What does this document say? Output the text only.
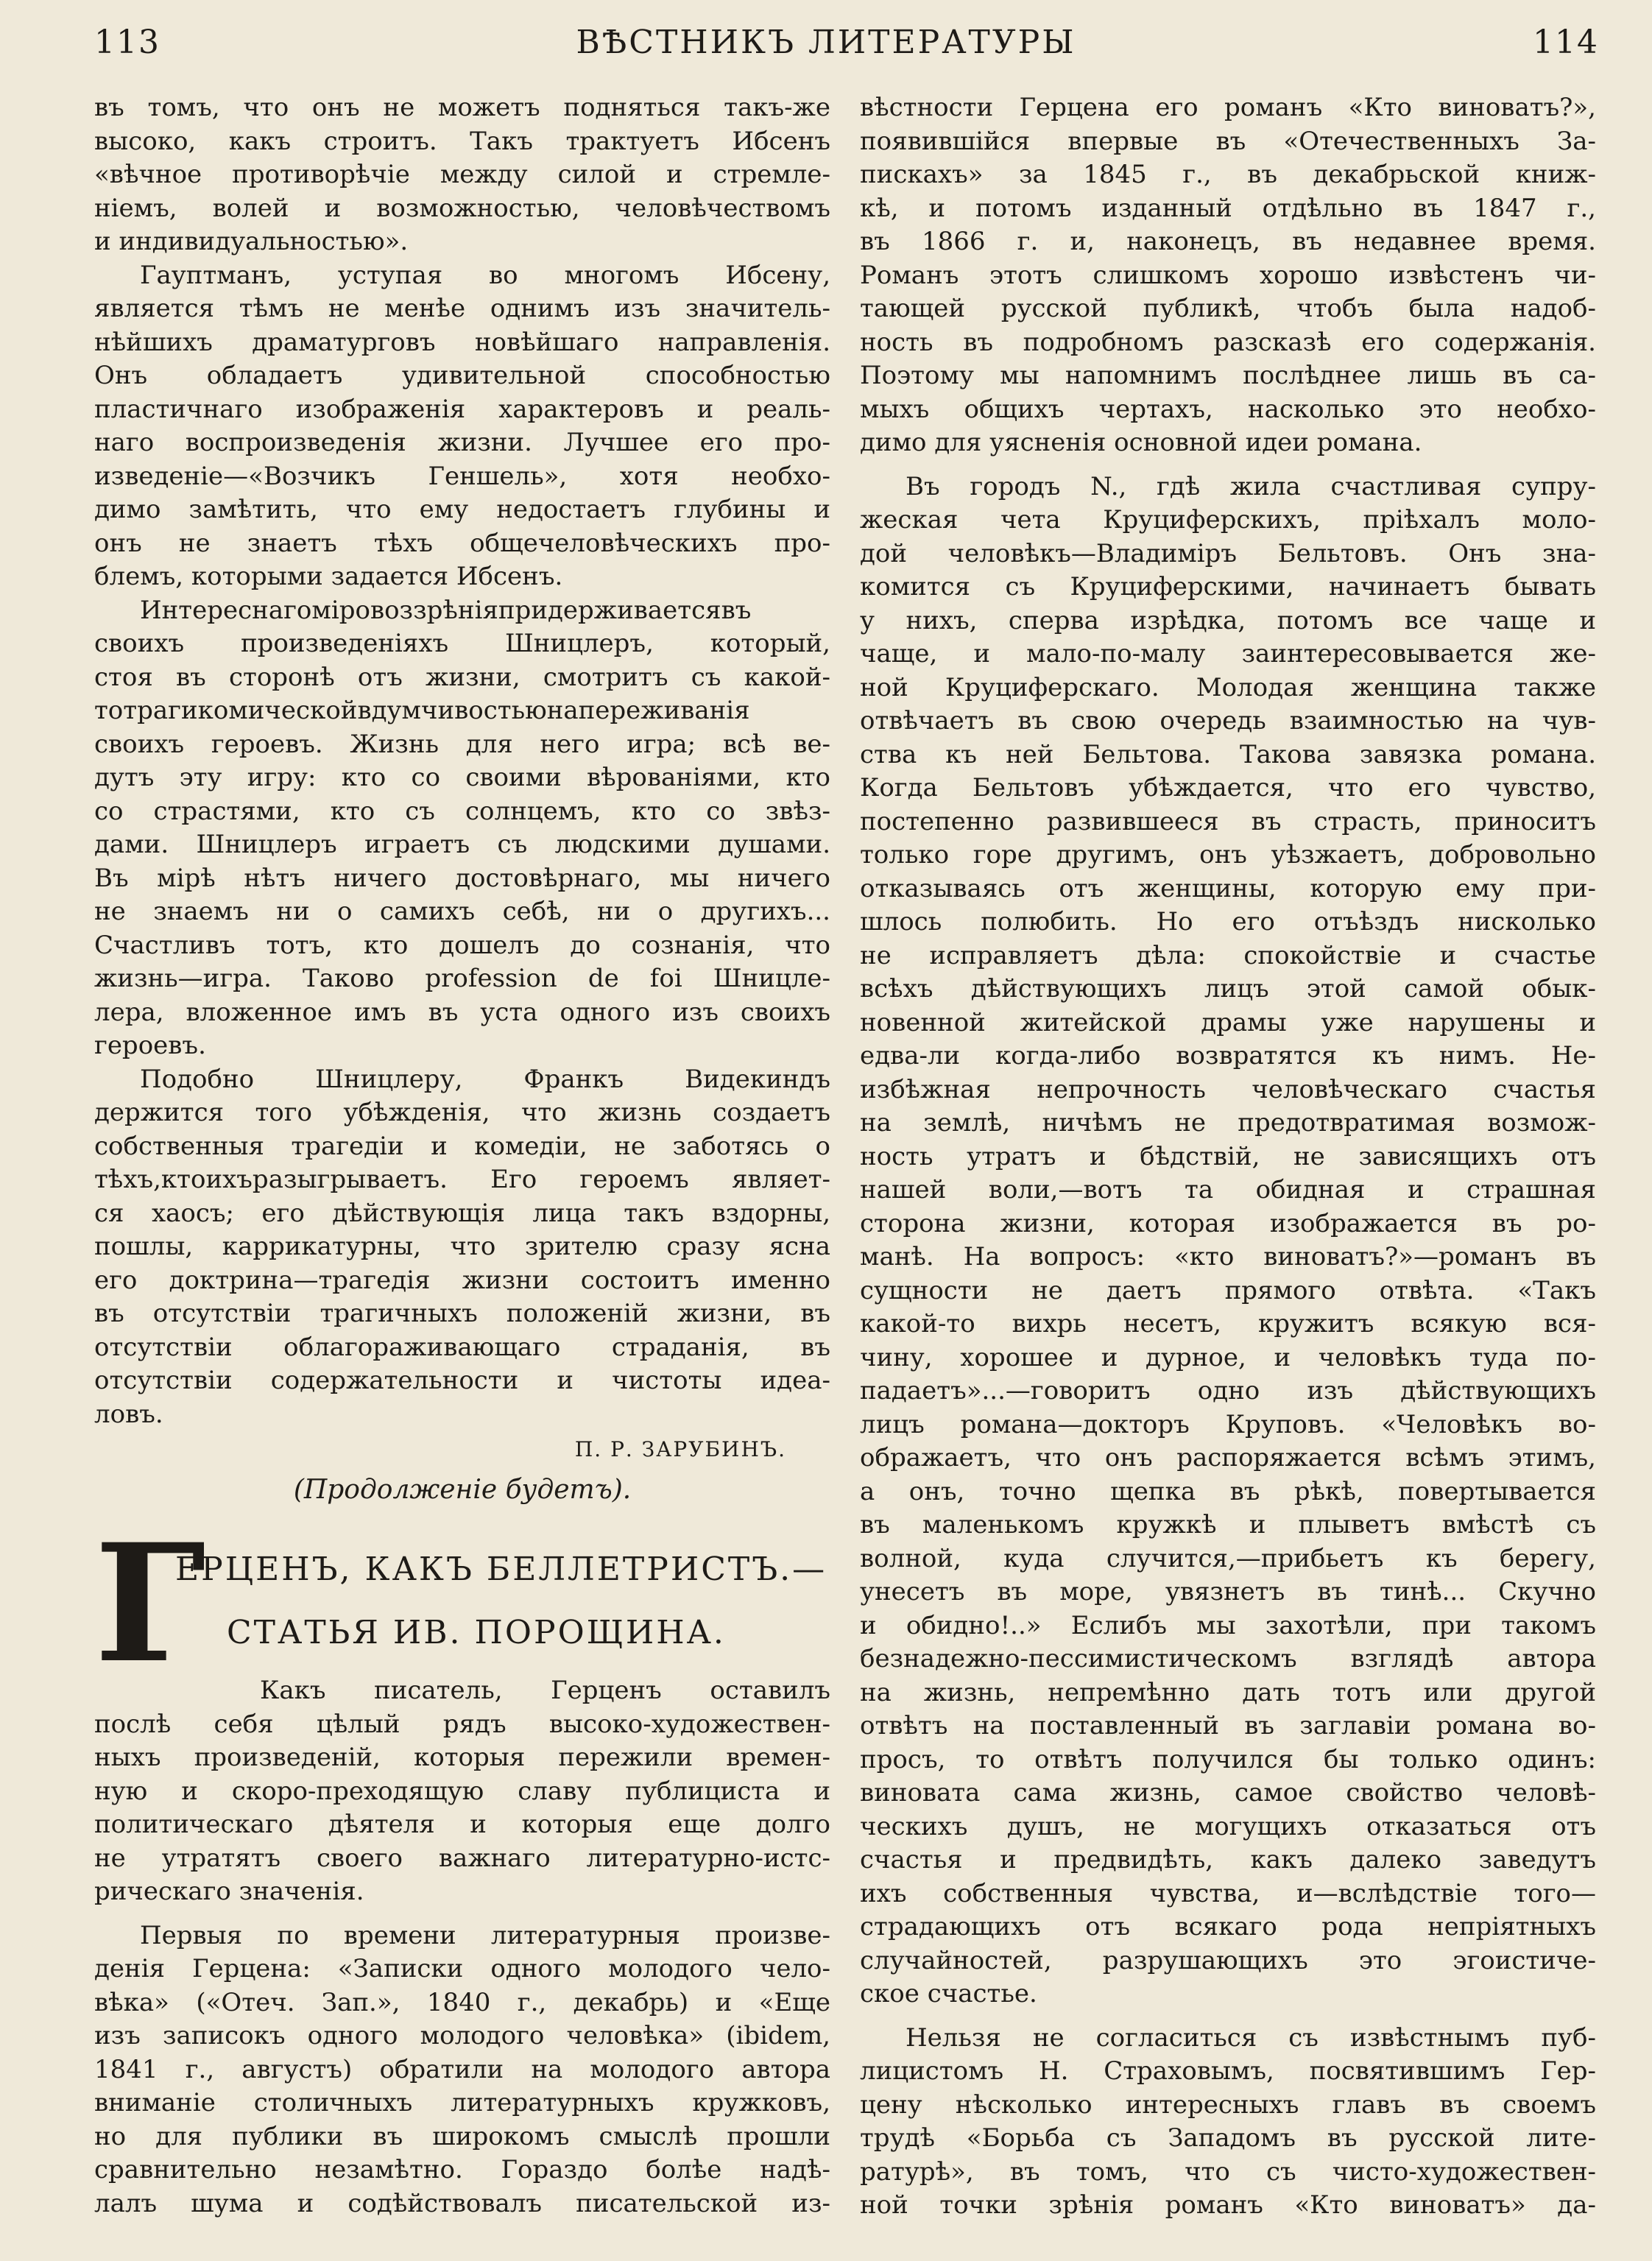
113	ВѢСТНИКЪ ЛИТЕРАТУРЫ	114
въ томъ, что онъ не можетъ подняться такъ-же
высоко, какъ строитъ. Такъ трактуетъ Ибсенъ
«вѣчное противорѣчіе между силой и стремле-
ніемъ, волей и возможностью, человѣчествомъ
и индивидуальностью».
Гауптманъ, уступая во многомъ Ибсену,
является тѣмъ не менѣе однимъ изъ значитель-
нѣйшихъ драматурговъ новѣйшаго направленія.
Онъ обладаетъ удивительной способностью
пластичнаго изображенія характеровъ и реаль-
наго воспроизведенія жизни. Лучшее его про-
изведеніе—«Возчикъ Геншель», хотя необхо-
димо замѣтить, что ему недостаетъ глубины и
онъ не знаетъ тѣхъ общечеловѣческихъ про-
блемъ, которыми задается Ибсенъ.
Интереснагоміровоззрѣніяпридерживаетсявъ
своихъ произведеніяхъ Шницлеръ, который,
стоя въ сторонѣ отъ жизни, смотритъ съ какой-
тотрагикомическойвдумчивостьюнапереживанія
своихъ героевъ. Жизнь для него игра; всѣ ве-
дутъ эту игру: кто со своими вѣрованіями, кто
со страстями, кто съ солнцемъ, кто со звѣз-
дами. Шницлеръ играетъ съ людскими душами.
Въ мірѣ нѣтъ ничего достовѣрнаго, мы ничего
не знаемъ ни о самихъ себѣ, ни о другихъ...
Счастливъ тотъ, кто дошелъ до сознанія, что
жизнь—игра. Таково profession de foi Шницле-
лера, вложенное имъ въ уста одного изъ своихъ
героевъ.
Подобно Шницлеру, Франкъ Видекиндъ
держится того убѣжденія, что жизнь создаетъ
собственныя трагедіи и комедіи, не заботясь о
тѣхъ,ктоихъразыгрываетъ. Его героемъ являет-
ся хаосъ; его дѣйствующія лица такъ вздорны,
пошлы, каррикатурны, что зрителю сразу ясна
его доктрина—трагедія жизни состоитъ именно
въ отсутствіи трагичныхъ положеній жизни, въ
отсутствіи облагораживающаго страданія, въ
отсутствіи содержательности и чистоты идеа-
ловъ.
П. Р. ЗАРУБИНЪ.
(Продолженіе будетъ).
Г
ЕРЦЕНЪ, КАКЪ БЕЛЛЕТРИСТЪ.—
СТАТЬЯ ИВ. ПОРОЩИНА.
Какъ писатель, Герценъ оставилъ
послѣ себя цѣлый рядъ высоко-художествен-
ныхъ произведеній, которыя пережили времен-
ную и скоро-преходящую славу публициста и
политическаго дѣятеля и которыя еще долго
не утратятъ своего важнаго литературно-истс-
рическаго значенія.
Первыя по времени литературныя произве-
денія Герцена: «Записки одного молодого чело-
вѣка» («Отеч. Зап.», 1840 г., декабрь) и «Еще
изъ записокъ одного молодого человѣка» (ibidem,
1841 г., августъ) обратили на молодого автора
вниманіе столичныхъ литературныхъ кружковъ,
но для публики въ широкомъ смыслѣ прошли
сравнительно незамѣтно. Гораздо болѣе надѣ-
лалъ шума и содѣйствовалъ писательской из-
вѣстности Герцена его романъ «Кто виноватъ?»,
появившійся впервые въ «Отечественныхъ За-
пискахъ» за 1845 г., въ декабрьской книж-
кѣ, и потомъ изданный отдѣльно въ 1847 г.,
въ 1866 г. и, наконецъ, въ недавнее время.
Романъ этотъ слишкомъ хорошо извѣстенъ чи-
тающей русской публикѣ, чтобъ была надоб-
ность въ подробномъ разсказѣ его содержанія.
Поэтому мы напомнимъ послѣднее лишь въ са-
мыхъ общихъ чертахъ, насколько это необхо-
димо для уясненія основной идеи романа.
Въ городъ N., гдѣ жила счастливая супру-
жеская чета Круциферскихъ, пріѣхалъ моло-
дой человѣкъ—Владиміръ Бельтовъ. Онъ зна-
комится съ Круциферскими, начинаетъ бывать
у нихъ, сперва изрѣдка, потомъ все чаще и
чаще, и мало-по-малу заинтересовывается же-
ной Круциферскаго. Молодая женщина также
отвѣчаетъ въ свою очередь взаимностью на чув-
ства къ ней Бельтова. Такова завязка романа.
Когда Бельтовъ убѣждается, что его чувство,
постепенно развившееся въ страсть, приноситъ
только горе другимъ, онъ уѣзжаетъ, добровольно
отказываясь отъ женщины, которую ему при-
шлось полюбить. Но его отъѣздъ нисколько
не исправляетъ дѣла: спокойствіе и счастье
всѣхъ дѣйствующихъ лицъ этой самой обык-
новенной житейской драмы уже нарушены и
едва-ли когда-либо возвратятся къ нимъ. Не-
избѣжная непрочность человѣческаго счастья
на землѣ, ничѣмъ не предотвратимая возмож-
ность утратъ и бѣдствій, не зависящихъ отъ
нашей воли,—вотъ та обидная и страшная
сторона жизни, которая изображается въ ро-
манѣ. На вопросъ: «кто виноватъ?»—романъ въ
сущности не даетъ прямого отвѣта. «Такъ
какой-то вихрь несетъ, кружитъ всякую вся-
чину, хорошее и дурное, и человѣкъ туда по-
падаетъ»...—говоритъ одно изъ дѣйствующихъ
лицъ романа—докторъ Круповъ. «Человѣкъ во-
ображаетъ, что онъ распоряжается всѣмъ этимъ,
а онъ, точно щепка въ рѣкѣ, повертывается
въ маленькомъ кружкѣ и плыветъ вмѣстѣ съ
волной, куда случится,—прибьетъ къ берегу,
унесетъ въ море, увязнетъ въ тинѣ... Скучно
и обидно!..» Еслибъ мы захотѣли, при такомъ
безнадежно-пессимистическомъ взглядѣ автора
на жизнь, непремѣнно дать тотъ или другой
отвѣтъ на поставленный въ заглавіи романа во-
просъ, то отвѣтъ получился бы только одинъ:
виновата сама жизнь, самое свойство человѣ-
ческихъ душъ, не могущихъ отказаться отъ
счастья и предвидѣть, какъ далеко заведутъ
ихъ собственныя чувства, и—вслѣдствіе того—
страдающихъ отъ всякаго рода непріятныхъ
случайностей, разрушающихъ это эгоистиче-
ское счастье.
Нельзя не согласиться съ извѣстнымъ пуб-
лицистомъ Н. Страховымъ, посвятившимъ Гер-
цену нѣсколько интересныхъ главъ въ своемъ
трудѣ «Борьба съ Западомъ въ русской лите-
ратурѣ», въ томъ, что съ чисто-художествен-
ной точки зрѣнія романъ «Кто виноватъ» да-
